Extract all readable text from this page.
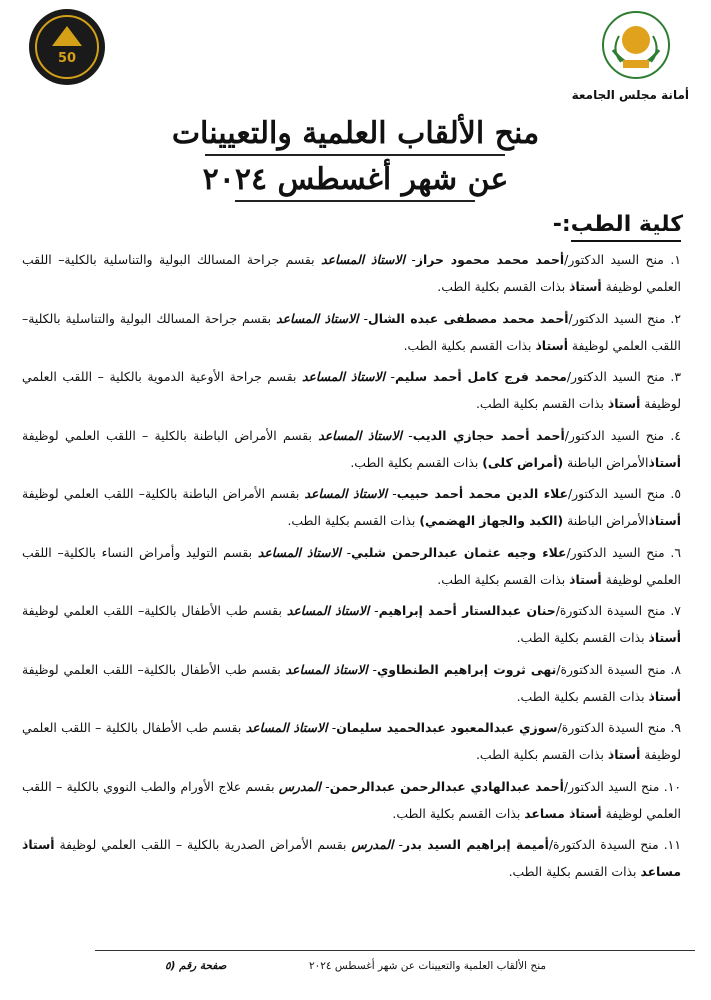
50
أمانة مجلس الجامعة
منح الألقاب العلمية والتعيينات
عن شهر أغسطس ٢٠٢٤
كلية الطب:-
١. منح السيد الدكتور/أحمد محمد محمود حراز- الاستاذ المساعد بقسم جراحة المسالك البولية والتناسلية بالكلية– اللقب العلمي لوظيفة أستاذ بذات القسم بكلية الطب.
٢. منح السيد الدكتور/أحمد محمد مصطفى عبده الشال- الاستاذ المساعد بقسم جراحة المسالك البولية والتناسلية بالكلية– اللقب العلمي لوظيفة أستاذ بذات القسم بكلية الطب.
٣. منح السيد الدكتور/محمد فرج كامل أحمد سليم- الاستاذ المساعد بقسم جراحة الأوعية الدموية بالكلية – اللقب العلمي لوظيفة أستاذ بذات القسم بكلية الطب.
٤. منح السيد الدكتور/أحمد أحمد حجازي الديب- الاستاذ المساعد بقسم الأمراض الباطنة بالكلية – اللقب العلمي لوظيفة أستاذالأمراض الباطنة (أمراض كلى) بذات القسم بكلية الطب.
٥. منح السيد الدكتور/علاء الدين محمد أحمد حبيب- الاستاذ المساعد بقسم الأمراض الباطنة بالكلية– اللقب العلمي لوظيفة أستاذالأمراض الباطنة (الكبد والجهاز الهضمي) بذات القسم بكلية الطب.
٦. منح السيد الدكتور/علاء وجيه عثمان عبدالرحمن شلبي- الاستاذ المساعد بقسم التوليد وأمراض النساء بالكلية– اللقب العلمي لوظيفة أستاذ بذات القسم بكلية الطب.
٧. منح السيدة الدكتورة/حنان عبدالستار أحمد إبراهيم- الاستاذ المساعد بقسم طب الأطفال بالكلية– اللقب العلمي لوظيفة أستاذ بذات القسم بكلية الطب.
٨. منح السيدة الدكتورة/نهى ثروت إبراهيم الطنطاوي- الاستاذ المساعد بقسم طب الأطفال بالكلية– اللقب العلمي لوظيفة أستاذ بذات القسم بكلية الطب.
٩. منح السيدة الدكتورة/سوزي عبدالمعبود عبدالحميد سليمان- الاستاذ المساعد بقسم طب الأطفال بالكلية – اللقب العلمي لوظيفة أستاذ بذات القسم بكلية الطب.
١٠. منح السيد الدكتور/أحمد عبدالهادي عبدالرحمن عبدالرحمن- المدرس بقسم علاج الأورام والطب النووي بالكلية – اللقب العلمي لوظيفة أستاذ مساعد بذات القسم بكلية الطب.
١١. منح السيدة الدكتورة/أميمة إبراهيم السيد بدر- المدرس بقسم الأمراض الصدرية بالكلية – اللقب العلمي لوظيفة أستاذ مساعد بذات القسم بكلية الطب.
منح الألقاب العلمية والتعيينات عن شهر أغسطس ٢٠٢٤
صفحة رقم (٥
